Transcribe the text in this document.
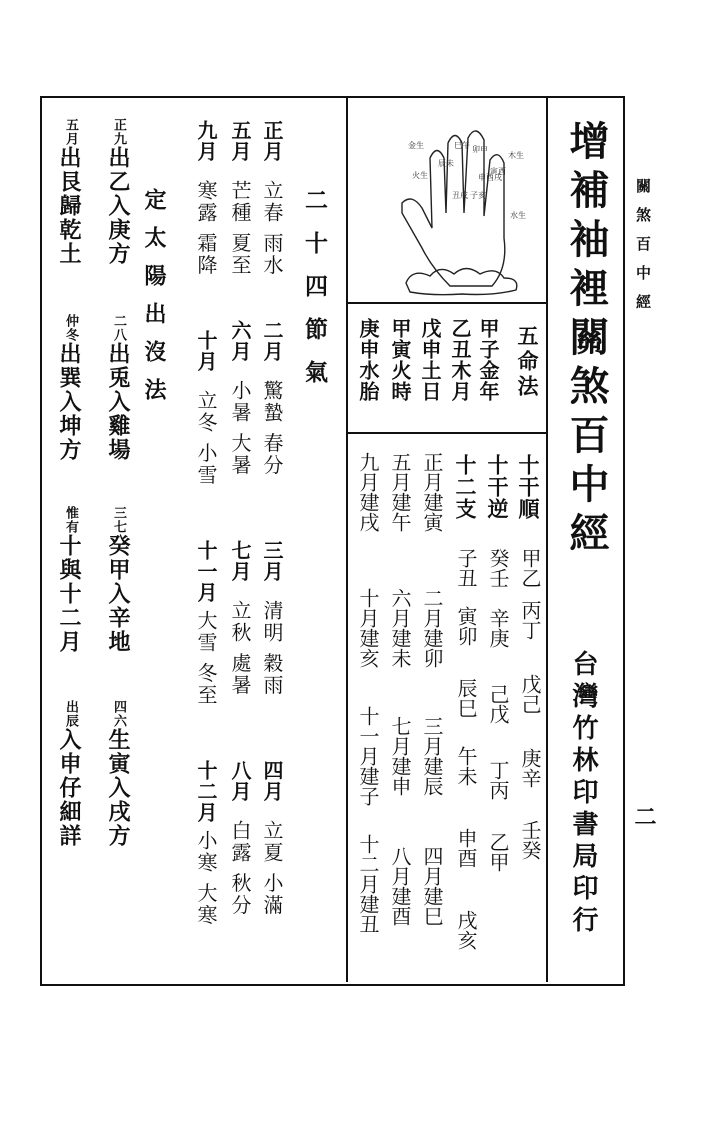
關煞百中經
二
增補袖裡關煞百中經
台灣竹林印書局印行
巳午
辰未
卯申
寅酉
丑戌 子亥
申酉戌
金生
水生
木生
火生
五命法
甲子金年
乙丑木月
戊申土日
甲寅火時
庚申水胎
十干順
十干逆
十二支
甲乙
丙丁
戊己
庚辛
壬癸
癸壬
辛庚
己戊
丁丙
乙甲
子丑
寅卯
辰巳
午未
申酉
戌亥
正月建寅
二月建卯
三月建辰
四月建巳
五月建午
六月建未
七月建申
八月建酉
九月建戌
十月建亥
十一月建子
十二月建丑
二十四節氣
正月
立春 雨水
二月
驚蟄 春分
三月
清明 穀雨
四月
立夏 小滿
五月
芒種 夏至
六月
小暑 大暑
七月
立秋 處暑
八月
白露 秋分
九月
寒露 霜降
十月
立冬 小雪
十一月
大雪 冬至
十二月
小寒 大寒
定太陽出沒法
正九
出乙入庚方
五月
出艮歸乾土
二八
出兎入雞場
仲冬
出巽入坤方
三七
癸甲入辛地
惟有
十與十二月
四六
生寅入戌方
出辰
入申仔細詳
